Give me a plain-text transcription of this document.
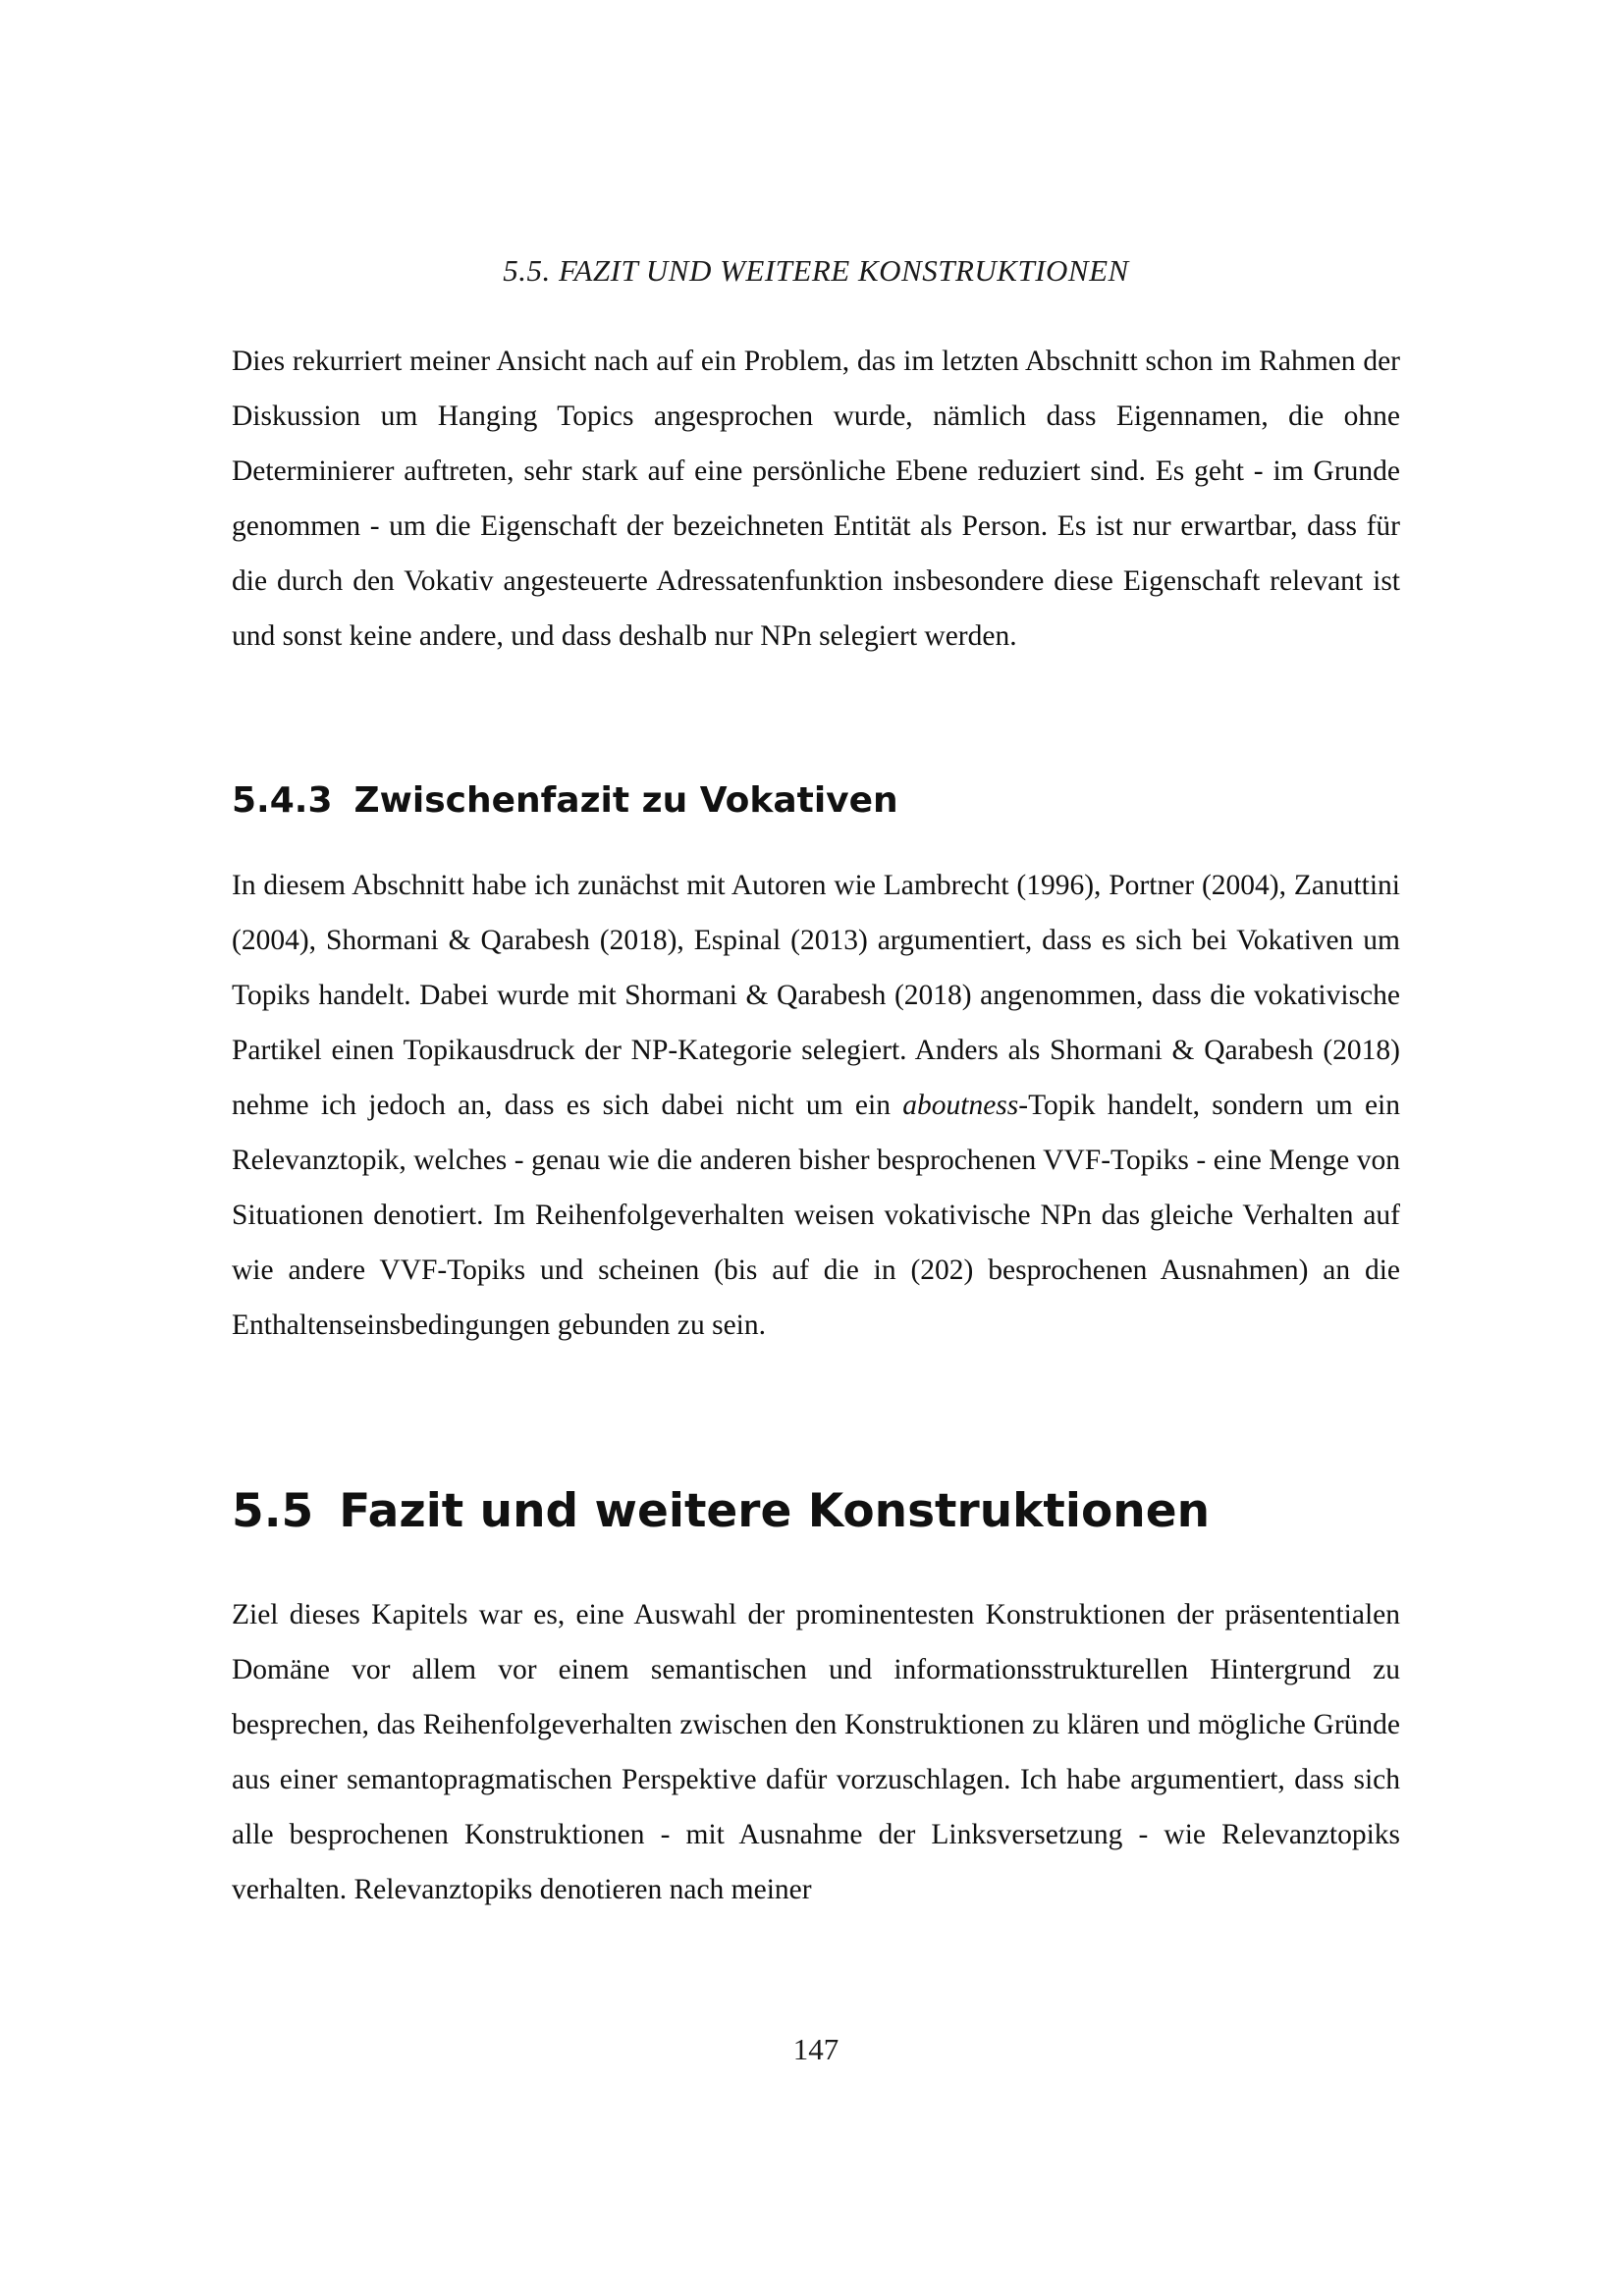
5.5. FAZIT UND WEITERE KONSTRUKTIONEN

Dies rekurriert meiner Ansicht nach auf ein Problem, das im letzten Abschnitt schon im Rahmen der Diskussion um Hanging Topics angesprochen wurde, nämlich dass Eigennamen, die ohne Determinierer auftreten, sehr stark auf eine persönliche Ebene reduziert sind. Es geht - im Grunde genommen - um die Eigenschaft der bezeichneten Entität als Person. Es ist nur erwartbar, dass für die durch den Vokativ angesteuerte Adressatenfunktion insbesondere diese Eigenschaft relevant ist und sonst keine andere, und dass deshalb nur NPn selegiert werden.

5.4.3 Zwischenfazit zu Vokativen

In diesem Abschnitt habe ich zunächst mit Autoren wie Lambrecht (1996), Portner (2004), Zanuttini (2004), Shormani & Qarabesh (2018), Espinal (2013) argumentiert, dass es sich bei Vokativen um Topiks handelt. Dabei wurde mit Shormani & Qarabesh (2018) angenommen, dass die vokativische Partikel einen Topikausdruck der NP-Kategorie selegiert. Anders als Shormani & Qarabesh (2018) nehme ich jedoch an, dass es sich dabei nicht um ein aboutness-Topik handelt, sondern um ein Relevanztopik, welches - genau wie die anderen bisher besprochenen VVF-Topiks - eine Menge von Situationen denotiert. Im Reihenfolgeverhalten weisen vokativische NPn das gleiche Verhalten auf wie andere VVF-Topiks und scheinen (bis auf die in (202) besprochenen Ausnahmen) an die Enthaltenseinsbedingungen gebunden zu sein.

5.5 Fazit und weitere Konstruktionen

Ziel dieses Kapitels war es, eine Auswahl der prominentesten Konstruktionen der präsententialen Domäne vor allem vor einem semantischen und informationsstrukturellen Hintergrund zu besprechen, das Reihenfolgeverhalten zwischen den Konstruktionen zu klären und mögliche Gründe aus einer semantopragmatischen Perspektive dafür vorzuschlagen. Ich habe argumentiert, dass sich alle besprochenen Konstruktionen - mit Ausnahme der Linksversetzung - wie Relevanztopiks verhalten. Relevanztopiks denotieren nach meiner

147
